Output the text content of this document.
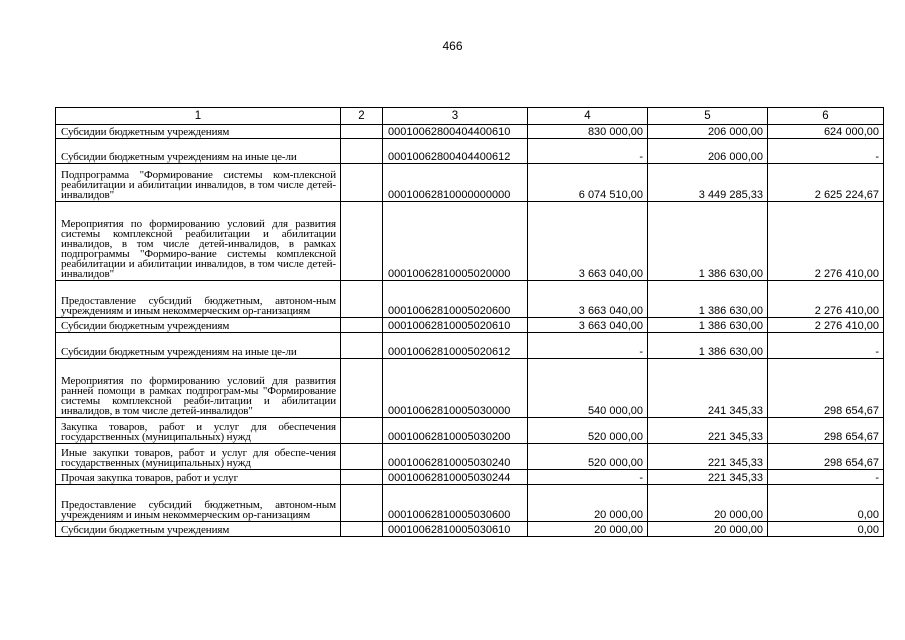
466
1	2	3	4	5	6
Субсидии бюджетным учреждениям		00010062800404400610	830 000,00	206 000,00	624 000,00
Субсидии бюджетным учреждениям на иные це-ли		00010062800404400612	-	206 000,00	-
Подпрограмма "Формирование системы ком-плексной реабилитации и абилитации инвалидов, в том числе детей-инвалидов"		00010062810000000000	6 074 510,00	3 449 285,33	2 625 224,67
Мероприятия по формированию условий для развития системы комплексной реабилитации и абилитации инвалидов, в том числе детей-инвалидов, в рамках подпрограммы "Формиро-вание системы комплексной реабилитации и абилитации инвалидов, в том числе детей-инвалидов"		00010062810005020000	3 663 040,00	1 386 630,00	2 276 410,00
Предоставление субсидий бюджетным, автоном-ным учреждениям и иным некоммерческим ор-ганизациям		00010062810005020600	3 663 040,00	1 386 630,00	2 276 410,00
Субсидии бюджетным учреждениям		00010062810005020610	3 663 040,00	1 386 630,00	2 276 410,00
Субсидии бюджетным учреждениям на иные це-ли		00010062810005020612	-	1 386 630,00	-
Мероприятия по формированию условий для развития ранней помощи в рамках подпрограм-мы "Формирование системы комплексной реаби-литации и абилитации инвалидов, в том числе детей-инвалидов"		00010062810005030000	540 000,00	241 345,33	298 654,67
Закупка товаров, работ и услуг для обеспечения государственных (муниципальных) нужд		00010062810005030200	520 000,00	221 345,33	298 654,67
Иные закупки товаров, работ и услуг для обеспе-чения государственных (муниципальных) нужд		00010062810005030240	520 000,00	221 345,33	298 654,67
Прочая закупка товаров, работ и услуг		00010062810005030244	-	221 345,33	-
Предоставление субсидий бюджетным, автоном-ным учреждениям и иным некоммерческим ор-ганизациям		00010062810005030600	20 000,00	20 000,00	0,00
Субсидии бюджетным учреждениям		00010062810005030610	20 000,00	20 000,00	0,00
